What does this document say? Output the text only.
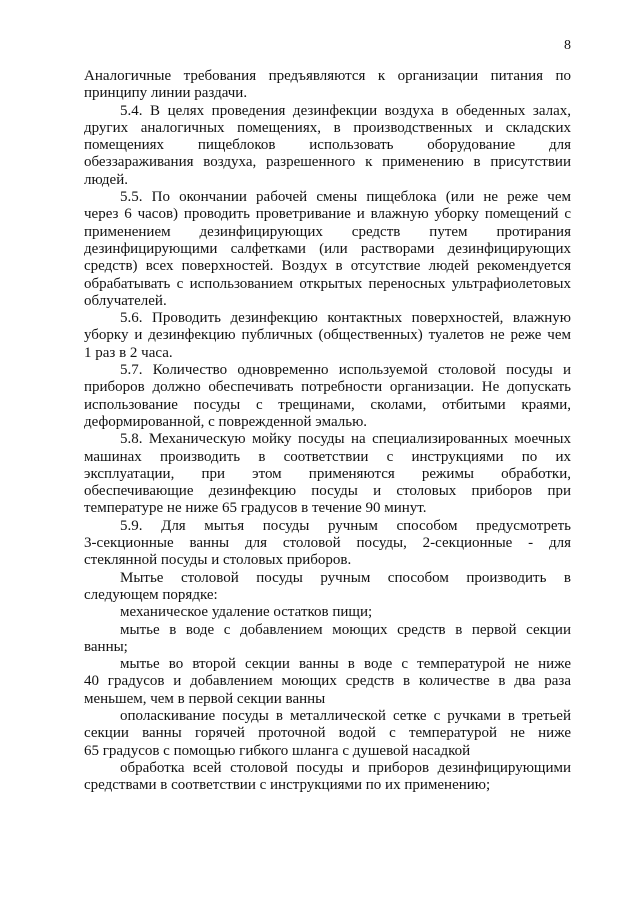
8
Аналогичные требования предъявляются к организации питания по
принципу линии раздачи.
5.4. В целях проведения дезинфекции воздуха в обеденных залах,
других аналогичных помещениях, в производственных и складских
помещениях пищеблоков использовать оборудование для
обеззараживания воздуха, разрешенного к применению в присутствии
людей.
5.5. По окончании рабочей смены пищеблока (или не реже чем
через 6 часов) проводить проветривание и влажную уборку помещений с
применением дезинфицирующих средств путем протирания
дезинфицирующими салфетками (или растворами дезинфицирующих
средств) всех поверхностей. Воздух в отсутствие людей рекомендуется
обрабатывать с использованием открытых переносных ультрафиолетовых
облучателей.
5.6. Проводить дезинфекцию контактных поверхностей, влажную
уборку и дезинфекцию публичных (общественных) туалетов не реже чем
1 раз в 2 часа.
5.7. Количество одновременно используемой столовой посуды и
приборов должно обеспечивать потребности организации. Не допускать
использование посуды с трещинами, сколами, отбитыми краями,
деформированной, с поврежденной эмалью.
5.8. Механическую мойку посуды на специализированных моечных
машинах производить в соответствии с инструкциями по их
эксплуатации, при этом применяются режимы обработки,
обеспечивающие дезинфекцию посуды и столовых приборов при
температуре не ниже 65 градусов в течение 90 минут.
5.9. Для мытья посуды ручным способом предусмотреть
3-секционные ванны для столовой посуды, 2-секционные - для
стеклянной посуды и столовых приборов.
Мытье столовой посуды ручным способом производить в
следующем порядке:
механическое удаление остатков пищи;
мытье в воде с добавлением моющих средств в первой секции
ванны;
мытье во второй секции ванны в воде с температурой не ниже
40 градусов и добавлением моющих средств в количестве в два раза
меньшем, чем в первой секции ванны
ополаскивание посуды в металлической сетке с ручками в третьей
секции ванны горячей проточной водой с температурой не ниже
65 градусов с помощью гибкого шланга с душевой насадкой
обработка всей столовой посуды и приборов дезинфицирующими
средствами в соответствии с инструкциями по их применению;
